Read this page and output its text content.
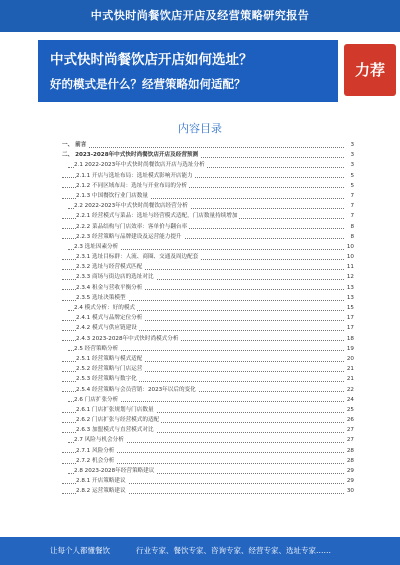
中式快时尚餐饮店开店及经营策略研究报告
中式快时尚餐饮店开店如何选址？
好的模式是什么？经营策略如何适配？
力荐
内容目录
一、 前言	3
二、 2023-2028年中式快时尚餐饮店开店及经营预测	3
2.1 2022-2023年中式快时尚餐饮店开店与选址分析	3
2.1.1 开店与选址布局：选址模式影响开店能力	5
2.1.2 不同区域布局：选址与开业布局的分析	5
2.1.3 中国餐饮行业门店数量	7
2.2 2022-2023年中式快时尚餐饮店经营分析	7
2.2.1 经营模式与菜品：选址与经营模式适配，门店数量持续增加	7
2.2.2 菜品结构与门店效率：客单价与翻台率	8
2.2.3 经营策略与品牌建设及运营能力提升	8
2.3 选址因素分析	10
2.3.1 选址目标群：人流、商圈、交通及周边配套	10
2.3.2 选址与经营模式匹配	11
2.3.3 商场与街边店的选址对比	12
2.3.4 租金与营收平衡分析	13
2.3.5 选址决策模型	13
2.4 模式分析：好的模式	15
2.4.1 模式与品牌定位分析	17
2.4.2 模式与供应链建设	17
2.4.3 2023-2028年中式快时尚模式分析	18
2.5 经营策略分析	19
2.5.1 经营策略与模式适配	20
2.5.2 经营策略与门店运营	21
2.5.3 经营策略与数字化	21
2.5.4 经营策略与会员营销：2023年以后的变化	22
2.6 门店扩张分析	24
2.6.1 门店扩张规划与门店数量	25
2.6.2 门店扩张与经营模式的适配	26
2.6.3 加盟模式与直营模式对比	27
2.7 风险与机会分析	27
2.7.1 风险分析	28
2.7.2 机会分析	28
2.8 2023-2028年经营策略建议	29
2.8.1 开店策略建议	29
2.8.2 运营策略建议	30
让每个人都懂餐饮	行业专家、餐饮专家、咨询专家、经营专家、选址专家……
